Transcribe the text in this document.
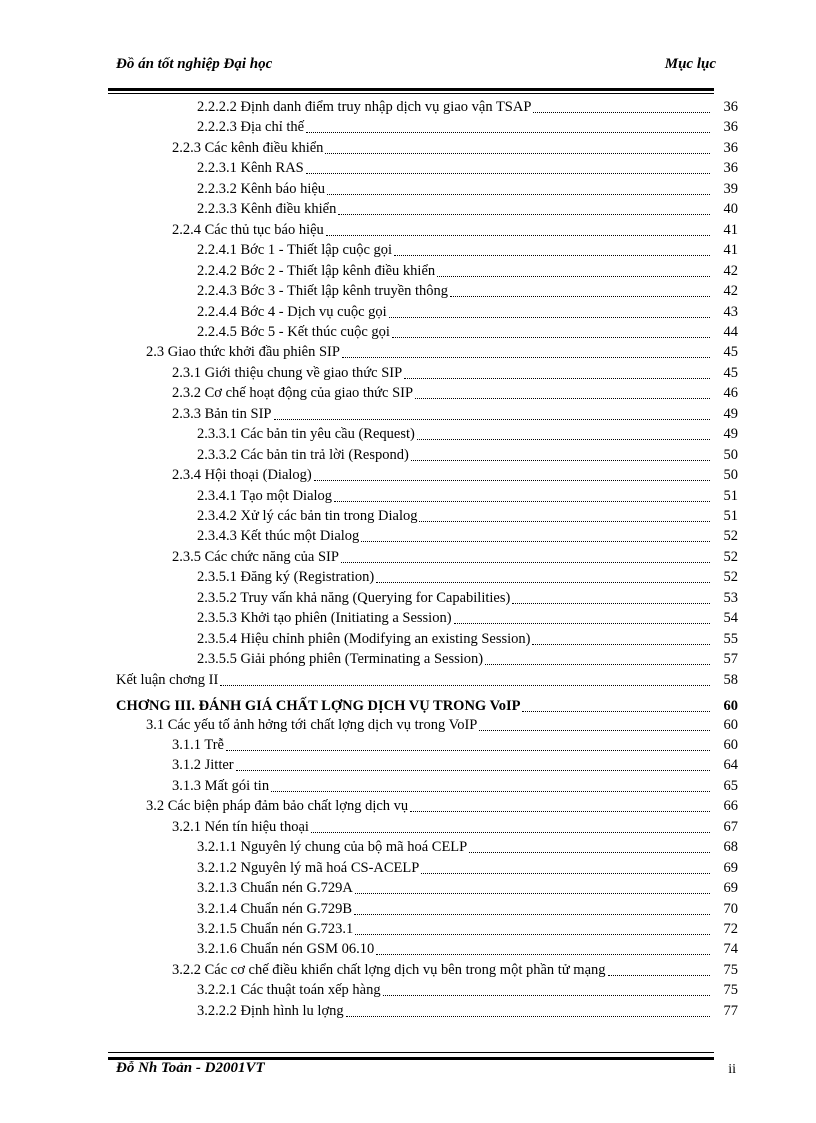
Đồ án tốt nghiệp Đại học	Mục lục
2.2.2.2 Định danh điểm truy nhập dịch vụ giao vận TSAP	36
2.2.2.3 Địa chỉ thế	36
2.2.3 Các kênh điều khiển	36
2.2.3.1 Kênh RAS	36
2.2.3.2 Kênh báo hiệu	39
2.2.3.3 Kênh điều khiển	40
2.2.4 Các thủ tục báo hiệu	41
2.2.4.1 Bớc 1 - Thiết lập cuộc gọi	41
2.2.4.2 Bớc 2 - Thiết lập kênh điều khiển	42
2.2.4.3 Bớc 3 - Thiết lập kênh truyền thông	42
2.2.4.4 Bớc 4 - Dịch vụ cuộc gọi	43
2.2.4.5 Bớc 5 - Kết thúc cuộc gọi	44
2.3 Giao thức khởi đầu phiên SIP	45
2.3.1 Giới thiệu chung về giao thức SIP	45
2.3.2 Cơ chế hoạt động của giao thức SIP	46
2.3.3 Bản tin SIP	49
2.3.3.1 Các bản tin yêu cầu (Request)	49
2.3.3.2 Các bản tin trả lời (Respond)	50
2.3.4 Hội thoại (Dialog)	50
2.3.4.1 Tạo một Dialog	51
2.3.4.2 Xử lý các bản tin trong Dialog	51
2.3.4.3 Kết thúc một Dialog	52
2.3.5 Các chức năng của SIP	52
2.3.5.1 Đăng ký (Registration)	52
2.3.5.2 Truy vấn khả năng (Querying for Capabilities)	53
2.3.5.3 Khởi tạo phiên (Initiating a Session)	54
2.3.5.4 Hiệu chỉnh phiên (Modifying an existing Session)	55
2.3.5.5 Giải phóng phiên (Terminating a Session)	57
Kết luận chơng II	58
CHƠNG III. ĐÁNH GIÁ CHẤT LỢNG DỊCH VỤ TRONG VoIP	60
3.1 Các yếu tố ảnh hởng tới chất lợng dịch vụ trong VoIP	60
3.1.1 Trễ	60
3.1.2 Jitter	64
3.1.3 Mất gói tin	65
3.2 Các biện pháp đảm bảo chất lợng dịch vụ	66
3.2.1 Nén tín hiệu thoại	67
3.2.1.1 Nguyên lý chung của bộ mã hoá CELP	68
3.2.1.2 Nguyên lý mã hoá CS-ACELP	69
3.2.1.3 Chuẩn nén G.729A	69
3.2.1.4 Chuẩn nén G.729B	70
3.2.1.5 Chuẩn nén G.723.1	72
3.2.1.6 Chuẩn nén GSM 06.10	74
3.2.2 Các cơ chế điều khiển chất lợng dịch vụ bên trong một phần tử mạng	75
3.2.2.1 Các thuật toán xếp hàng	75
3.2.2.2 Định hình lu lợng	77
Đỗ Nh Toản - D2001VT	ii
